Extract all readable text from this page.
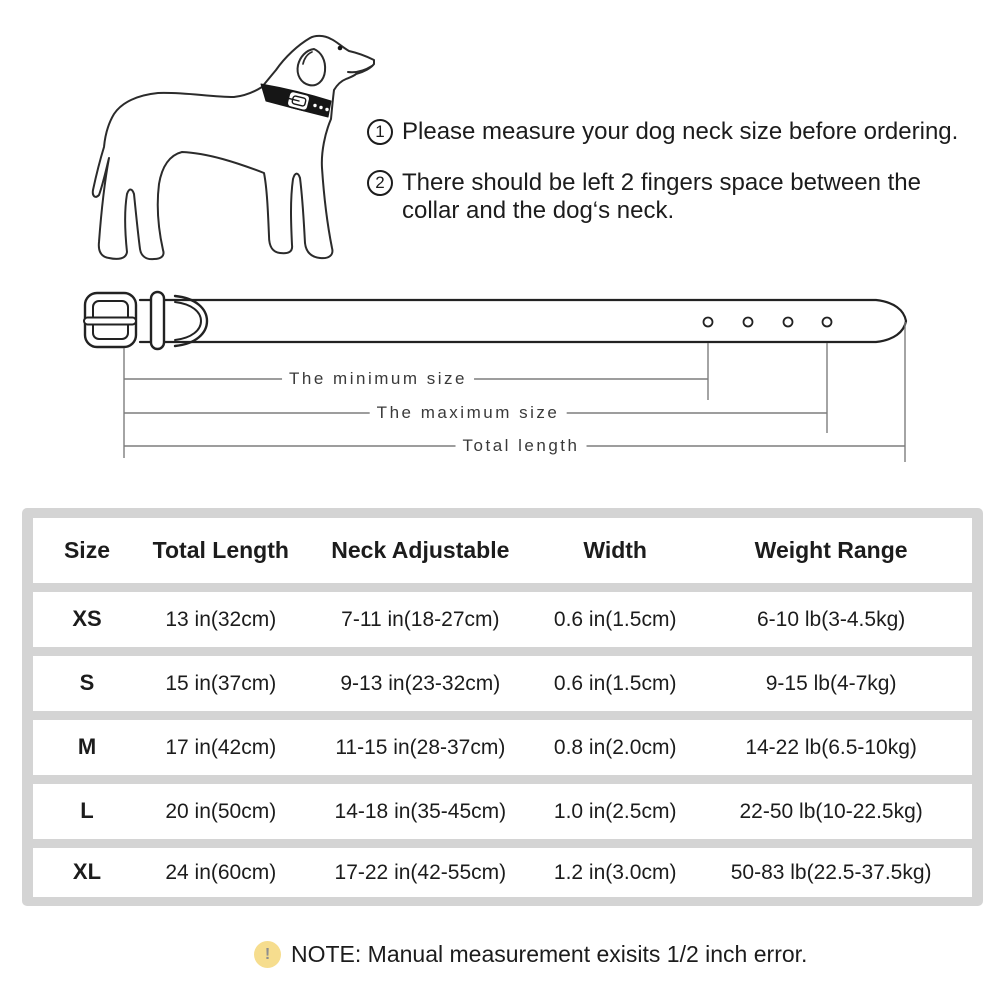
The minimum size
The maximum size
Total length
1 Please measure your dog neck size before ordering.
2 There should be left 2 fingers space between the
collar and the dog‘s neck.
Size	Total Length	Neck Adjustable	Width	Weight Range
XS	13 in(32cm)	7-11 in(18-27cm)	0.6 in(1.5cm)	6-10 lb(3-4.5kg)
S	15 in(37cm)	9-13 in(23-32cm)	0.6 in(1.5cm)	9-15 lb(4-7kg)
M	17 in(42cm)	11-15 in(28-37cm)	0.8 in(2.0cm)	14-22 lb(6.5-10kg)
L	20 in(50cm)	14-18 in(35-45cm)	1.0 in(2.5cm)	22-50 lb(10-22.5kg)
XL	24 in(60cm)	17-22 in(42-55cm)	1.2 in(3.0cm)	50-83 lb(22.5-37.5kg)
! NOTE: Manual measurement exisits 1/2 inch error.
